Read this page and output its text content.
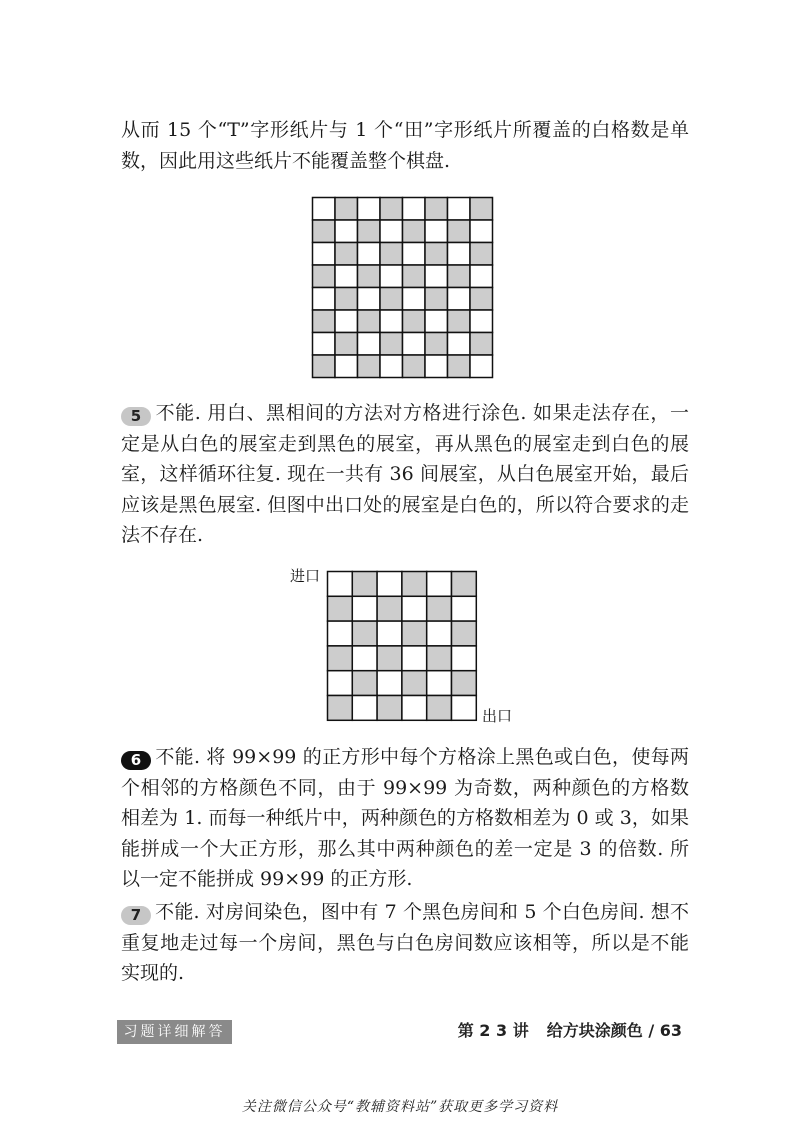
从而 15 个“T”字形纸片与 1 个“田”字形纸片所覆盖的白格数是单数，因此用这些纸片不能覆盖整个棋盘.

5 不能. 用白、黑相间的方法对方格进行涂色. 如果走法存在，一定是从白色的展室走到黑色的展室，再从黑色的展室走到白色的展室，这样循环往复. 现在一共有 36 间展室，从白色展室开始，最后应该是黑色展室. 但图中出口处的展室是白色的，所以符合要求的走法不存在.

进口
出口

6 不能. 将 99×99 的正方形中每个方格涂上黑色或白色，使每两个相邻的方格颜色不同，由于 99×99 为奇数，两种颜色的方格数相差为 1. 而每一种纸片中，两种颜色的方格数相差为 0 或 3，如果能拼成一个大正方形，那么其中两种颜色的差一定是 3 的倍数. 所以一定不能拼成 99×99 的正方形.

7 不能. 对房间染色，图中有 7 个黑色房间和 5 个白色房间. 想不重复地走过每一个房间，黑色与白色房间数应该相等，所以是不能实现的.

习题详细解答	第 2 3 讲 给方块涂颜色 / 63
关注微信公众号“教辅资料站”获取更多学习资料
